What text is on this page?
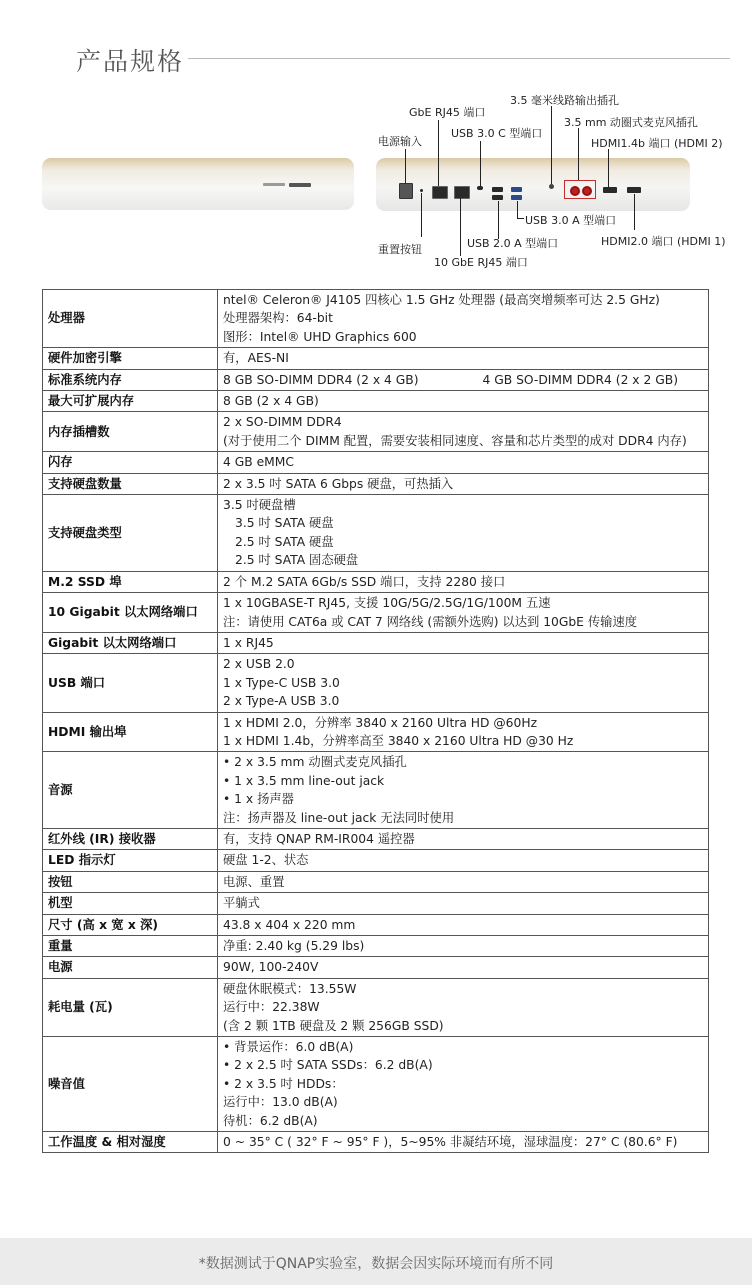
产品规格
3.5 毫米线路输出插孔
GbE RJ45 端口
3.5 mm 动圈式麦克风插孔
USB 3.0 C 型端口
电源输入	HDMI1.4b 端口 (HDMI 2)
USB 3.0 A 型端口
HDMI2.0 端口 (HDMI 1)
USB 2.0 A 型端口
重置按钮
10 GbE RJ45 端口
处理器	ntel® Celeron® J4105 四核心 1.5 GHz 处理器 (最高突增频率可达 2.5 GHz)
处理器架构：64-bit
图形：Intel® UHD Graphics 600

硬件加密引擎	有，AES-NI

标准系统内存	8 GB SO-DIMM DDR4 (2 x 4 GB) 4 GB SO-DIMM DDR4 (2 x 2 GB)

最大可扩展内存	8 GB (2 x 4 GB)

内存插槽数	2 x SO-DIMM DDR4
(对于使用二个 DIMM 配置，需要安装相同速度、容量和芯片类型的成对 DDR4 内存)

闪存	4 GB eMMC

支持硬盘数量	2 x 3.5 吋 SATA 6 Gbps 硬盘，可热插入

支持硬盘类型	3.5 吋硬盘槽
3.5 吋 SATA 硬盘
2.5 吋 SATA 硬盘
2.5 吋 SATA 固态硬盘

M.2 SSD 埠	2 个 M.2 SATA 6Gb/s SSD 端口，支持 2280 接口

10 Gigabit 以太网络端口	1 x 10GBASE-T RJ45, 支援 10G/5G/2.5G/1G/100M 五速
注：请使用 CAT6a 或 CAT 7 网络线 (需额外选购) 以达到 10GbE 传输速度

Gigabit 以太网络端口	1 x RJ45

USB 端口	2 x USB 2.0
1 x Type-C USB 3.0
2 x Type-A USB 3.0

HDMI 输出埠	1 x HDMI 2.0，分辨率 3840 x 2160 Ultra HD @60Hz
1 x HDMI 1.4b，分辨率高至 3840 x 2160 Ultra HD @30 Hz

音源	• 2 x 3.5 mm 动圈式麦克风插孔
• 1 x 3.5 mm line-out jack
• 1 x 扬声器
注：扬声器及 line-out jack 无法同时使用

红外线 (IR) 接收器	有，支持 QNAP RM-IR004 遥控器

LED 指示灯	硬盘 1-2、状态

按钮	电源、重置

机型	平躺式

尺寸 (高 x 宽 x 深)	43.8 x 404 x 220 mm

重量	净重: 2.40 kg (5.29 lbs)

电源	90W, 100-240V

耗电量 (瓦)	硬盘休眠模式：13.55W
运行中：22.38W
(含 2 颗 1TB 硬盘及 2 颗 256GB SSD)

噪音值	• 背景运作：6.0 dB(A)
• 2 x 2.5 吋 SATA SSDs：6.2 dB(A)
• 2 x 3.5 吋 HDDs：
运行中：13.0 dB(A)
待机：6.2 dB(A)

工作温度 & 相对湿度	0 ~ 35° C ( 32° F ~ 95° F )，5~95% 非凝结环境，湿球温度：27° C (80.6° F)
*数据测试于QNAP实验室，数据会因实际环境而有所不同
